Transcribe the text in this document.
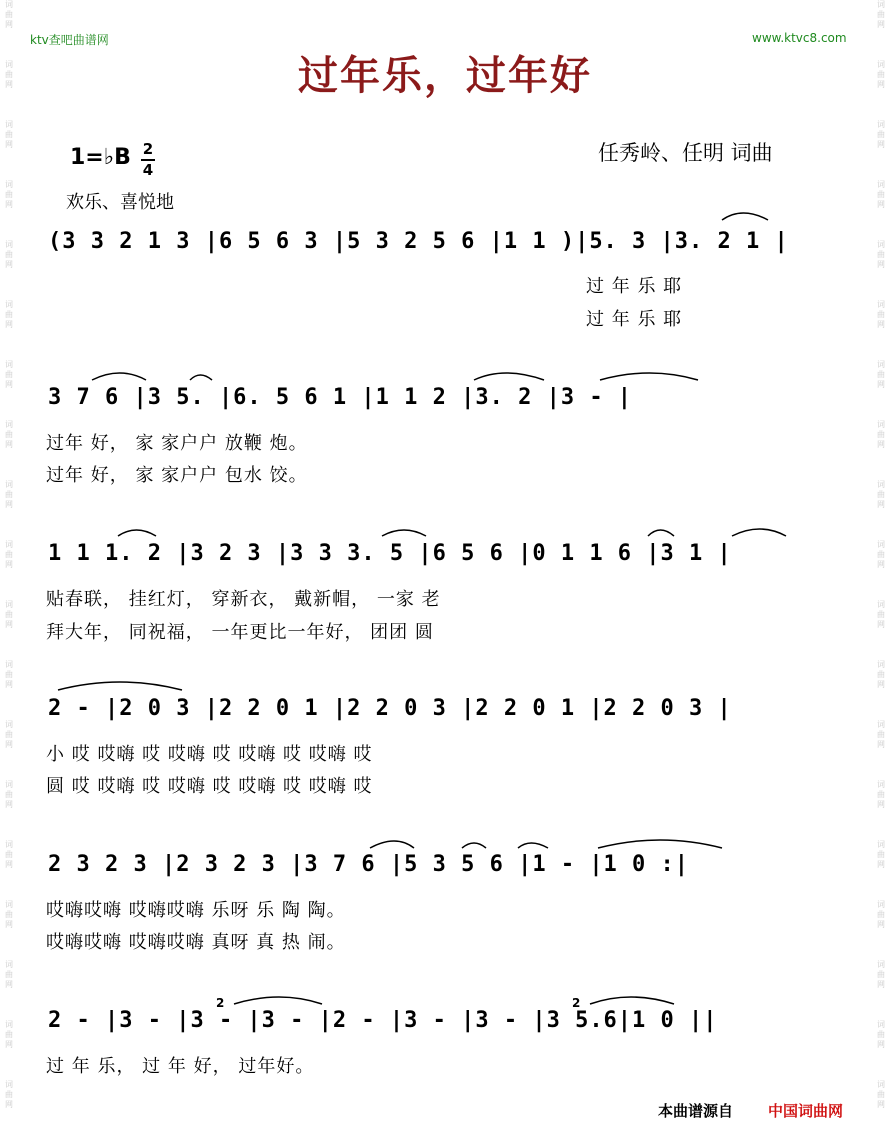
词
曲
网
词
曲
网
词
曲
网
词
曲
网
词
曲
网
词
曲
网
词
曲
网
词
曲
网
词
曲
网
词
曲
网
词
曲
网
词
曲
网
词
曲
网
词
曲
网
词
曲
网
词
曲
网
词
曲
网
词
曲
网
词
曲
网
词
曲
网
词
曲
网
词
曲
网
词
曲
网
词
曲
网
词
曲
网
词
曲
网
词
曲
网
词
曲
网
词
曲
网
词
曲
网
词
曲
网
词
曲
网
词
曲
网
词
曲
网
词
曲
网
词
曲
网
词
曲
网
词
曲
网
ktv查吧曲谱网	www.ktvc8.com
过年乐，过年好
任秀岭、任明 词曲
1=♭B 2
4
欢乐、喜悦地
(3 3 2 1 3 |6 5 6 3 |5 3 2 5 6 |1 1 )|5. 3 |3. 2 1 |
过 年 乐 耶
过 年 乐 耶
3 7 6 |3 5. |6. 5 6 1 |1 1 2 |3. 2 |3 - |
过年 好， 家 家户户 放鞭 炮。
过年 好， 家 家户户 包水 饺。
1 1 1. 2 |3 2 3 |3 3 3. 5 |6 5 6 |0 1 1 6 |3 1 |
贴春联， 挂红灯， 穿新衣， 戴新帽， 一家 老
拜大年， 同祝福， 一年更比一年好， 团团 圆
2 - |2 0 3 |2 2 0 1 |2 2 0 3 |2 2 0 1 |2 2 0 3 |
小 哎 哎嗨 哎 哎嗨 哎 哎嗨 哎 哎嗨 哎
圆 哎 哎嗨 哎 哎嗨 哎 哎嗨 哎 哎嗨 哎
2 3 2 3 |2 3 2 3 |3 7 6 |5 3 5 6 |1 - |1 0 :|
哎嗨哎嗨 哎嗨哎嗨 乐呀 乐 陶 陶。
哎嗨哎嗨 哎嗨哎嗨 真呀 真 热 闹。
2 - |3 - |3 - |3 - |2 - |3 - |3 - |3 5.6|1 0 ||
2	2
过 年 乐， 过 年 好， 过年好。
本曲谱源自 中国词曲网
